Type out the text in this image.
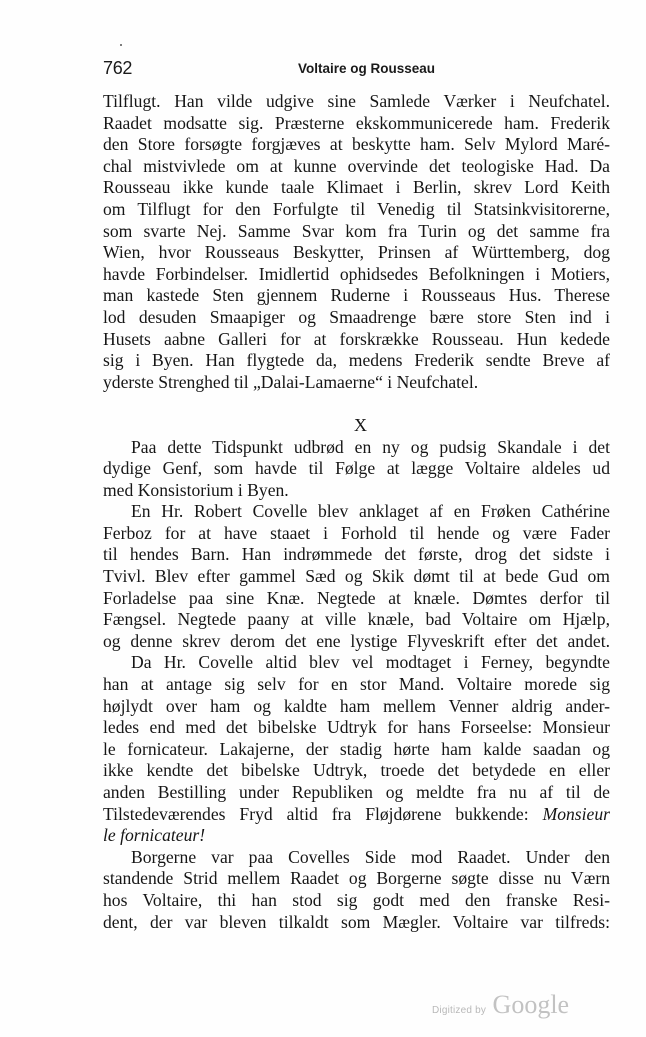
762	Voltaire og Rousseau
Tilflugt. Han vilde udgive sine Samlede Værker i Neufchatel.
Raadet modsatte sig. Præsterne ekskommunicerede ham. Frederik
den Store forsøgte forgjæves at beskytte ham. Selv Mylord Maré-
chal mistvivlede om at kunne overvinde det teologiske Had. Da
Rousseau ikke kunde taale Klimaet i Berlin, skrev Lord Keith
om Tilflugt for den Forfulgte til Venedig til Statsinkvisitorerne,
som svarte Nej. Samme Svar kom fra Turin og det samme fra
Wien, hvor Rousseaus Beskytter, Prinsen af Württemberg, dog
havde Forbindelser. Imidlertid ophidsedes Befolkningen i Motiers,
man kastede Sten gjennem Ruderne i Rousseaus Hus. Therese
lod desuden Smaapiger og Smaadrenge bære store Sten ind i
Husets aabne Galleri for at forskrække Rousseau. Hun kedede
sig i Byen. Han flygtede da, medens Frederik sendte Breve af
yderste Strenghed til „Dalai-Lamaerne“ i Neufchatel.
X
Paa dette Tidspunkt udbrød en ny og pudsig Skandale i det
dydige Genf, som havde til Følge at lægge Voltaire aldeles ud
med Konsistorium i Byen.
En Hr. Robert Covelle blev anklaget af en Frøken Cathérine
Ferboz for at have staaet i Forhold til hende og være Fader
til hendes Barn. Han indrømmede det første, drog det sidste i
Tvivl. Blev efter gammel Sæd og Skik dømt til at bede Gud om
Forladelse paa sine Knæ. Negtede at knæle. Dømtes derfor til
Fængsel. Negtede paany at ville knæle, bad Voltaire om Hjælp,
og denne skrev derom det ene lystige Flyveskrift efter det andet.
Da Hr. Covelle altid blev vel modtaget i Ferney, begyndte
han at antage sig selv for en stor Mand. Voltaire morede sig
højlydt over ham og kaldte ham mellem Venner aldrig ander-
ledes end med det bibelske Udtryk for hans Forseelse: Monsieur
le fornicateur. Lakajerne, der stadig hørte ham kalde saadan og
ikke kendte det bibelske Udtryk, troede det betydede en eller
anden Bestilling under Republiken og meldte fra nu af til de
Tilstedeværendes Fryd altid fra Fløjdørene bukkende: Monsieur
le fornicateur!
Borgerne var paa Covelles Side mod Raadet. Under den
standende Strid mellem Raadet og Borgerne søgte disse nu Værn
hos Voltaire, thi han stod sig godt med den franske Resi-
dent, der var bleven tilkaldt som Mægler. Voltaire var tilfreds:
Digitized by Google
